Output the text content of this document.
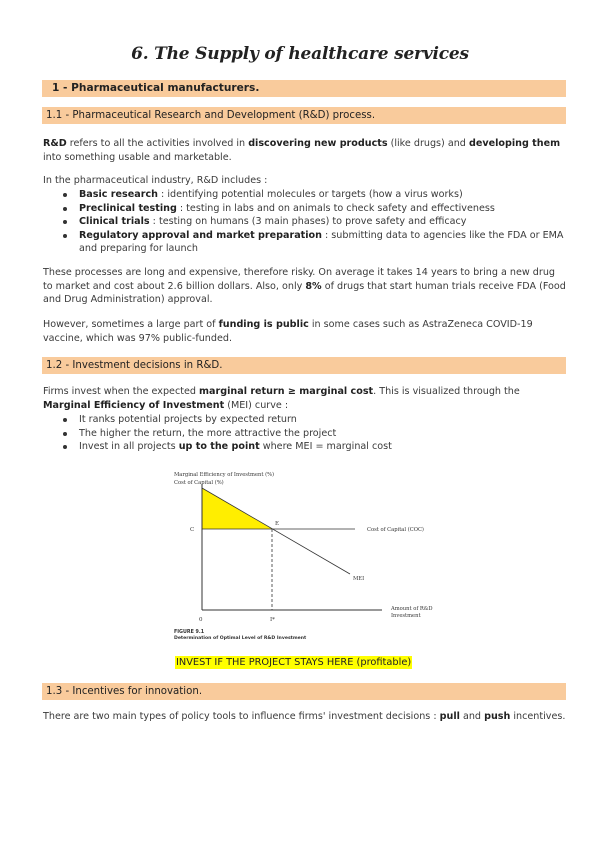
6. The Supply of healthcare services
1 - Pharmaceutical manufacturers.
1.1 - Pharmaceutical Research and Development (R&D) process.
R&D refers to all the activities involved in discovering new products (like drugs) and developing them into something usable and marketable.
In the pharmaceutical industry, R&D includes :
Basic research : identifying potential molecules or targets (how a virus works)
Preclinical testing : testing in labs and on animals to check safety and effectiveness
Clinical trials : testing on humans (3 main phases) to prove safety and efficacy
Regulatory approval and market preparation : submitting data to agencies like the FDA or EMA and preparing for launch
These processes are long and expensive, therefore risky. On average it takes 14 years to bring a new drug to market and cost about 2.6 billion dollars. Also, only 8% of drugs that start human trials receive FDA (Food and Drug Administration) approval.
However, sometimes a large part of funding is public in some cases such as AstraZeneca COVID-19 vaccine, which was 97% public-funded.
1.2 - Investment decisions in R&D.
Firms invest when the expected marginal return ≥ marginal cost. This is visualized through the Marginal Efficiency of Investment (MEI) curve :
It ranks potential projects by expected return
The higher the return, the more attractive the project
Invest in all projects up to the point where MEI = marginal cost
Marginal Efficiency of Investment (%)
Cost of Capital (%)
C
E
Cost of Capital (COC)
MEI
Amount of R&D
Investment
0	I*
FIGURE 9.1
Determination of Optimal Level of R&D Investment
INVEST IF THE PROJECT STAYS HERE (profitable)
1.3 - Incentives for innovation.
There are two main types of policy tools to influence firms' investment decisions : pull and push incentives.
